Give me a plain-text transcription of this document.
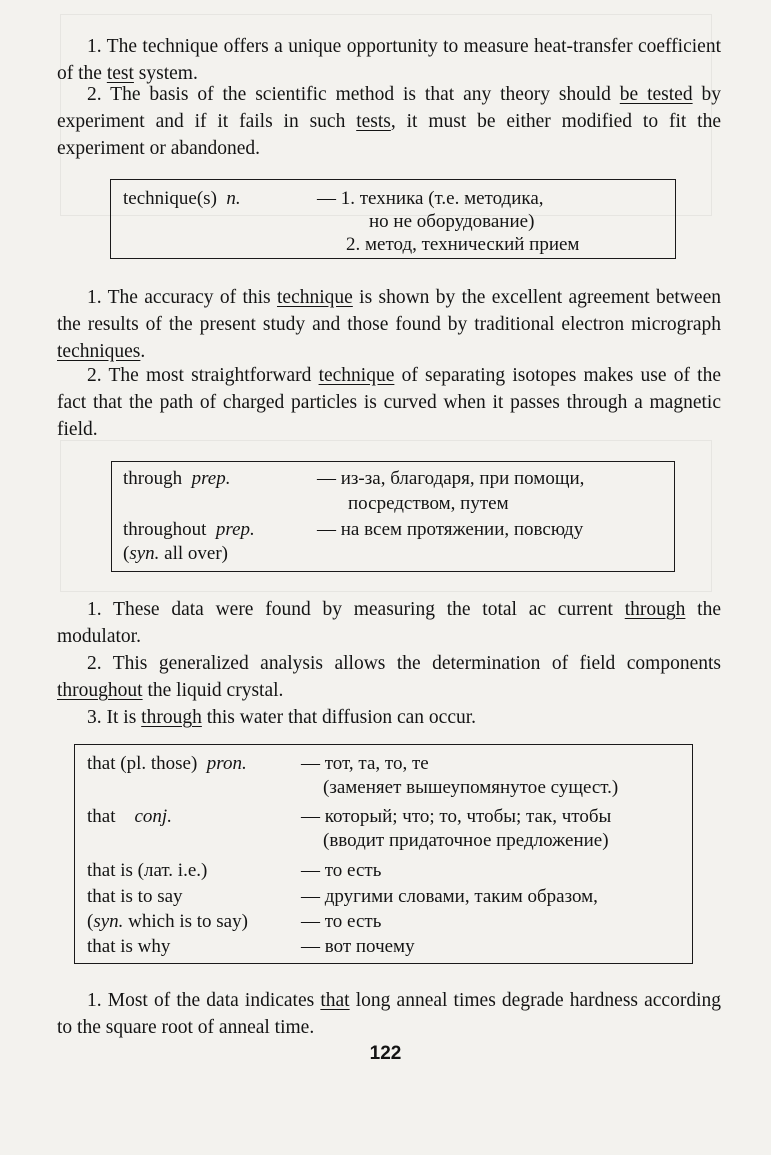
1. The technique offers a unique opportunity to measure heat-transfer coefficient of the test system.

2. The basis of the scientific method is that any theory should be tested by experiment and if it fails in such tests, it must be either modified to fit the experiment or abandoned.

technique(s) n.	— 1. техника (т.е. методика,
но не оборудование)
2. метод, технический прием

1. The accuracy of this technique is shown by the excellent agreement between the results of the present study and those found by traditional electron micrograph techniques.

2. The most straightforward technique of separating isotopes makes use of the fact that the path of charged particles is curved when it passes through a magnetic field.

through prep.	— из-за, благодаря, при помощи,
посредством, путем
throughout prep.	— на всем протяжении, повсюду
(syn. all over)

1. These data were found by measuring the total ac current through the modulator.

2. This generalized analysis allows the determination of field components throughout the liquid crystal.

3. It is through this water that diffusion can occur.

that (pl. those) pron.	— тот, та, то, те
(заменяет вышеупомянутое сущест.)
that conj.	— который; что; то, чтобы; так, чтобы
(вводит придаточное предложение)
that is (лат. i.e.)	— то есть
that is to say	— другими словами, таким образом,
(syn. which is to say)	— то есть
that is why	— вот почему

1. Most of the data indicates that long anneal times degrade hardness according to the square root of anneal time.

122
